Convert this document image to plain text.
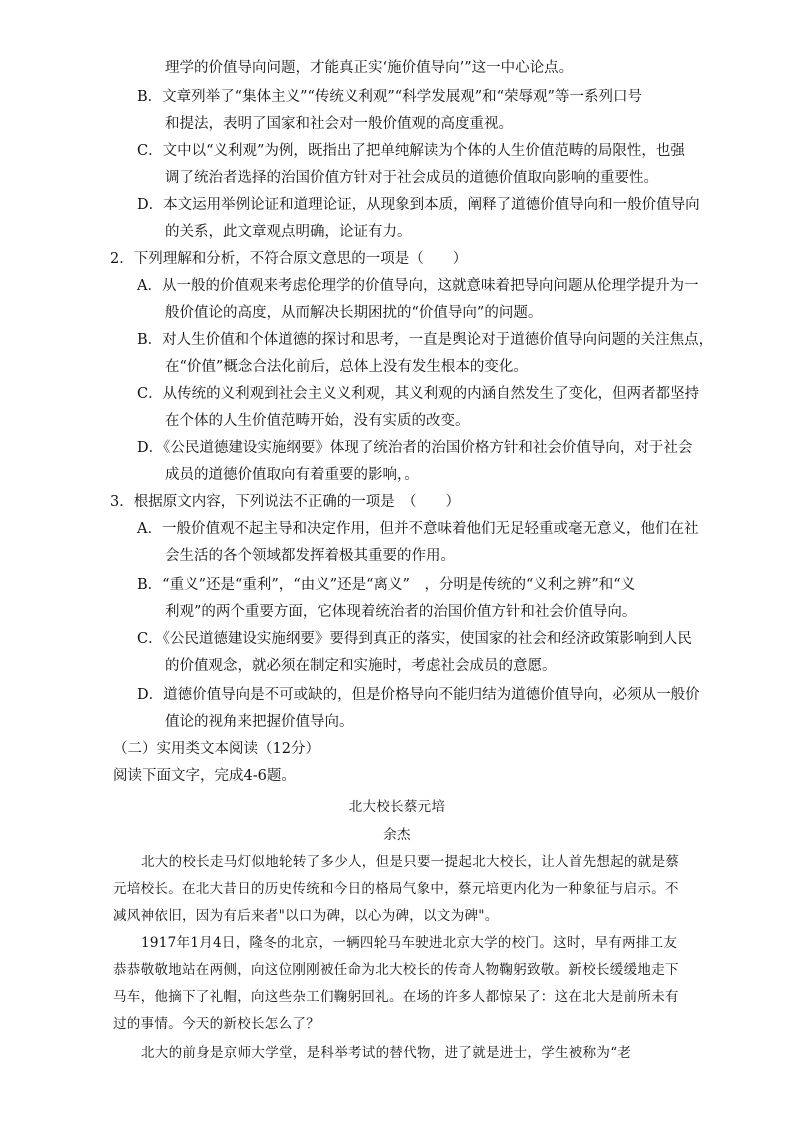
理学的价值导向问题，才能真正实‘施价值导向’”这一中心论点。
B．文章列举了“集体主义”“传统义利观”“科学发展观”和“荣辱观”等一系列口号
和提法，表明了国家和社会对一般价值观的高度重视。
C．文中以“义利观”为例，既指出了把单纯解读为个体的人生价值范畴的局限性，也强
调了统治者选择的治国价值方针对于社会成员的道德价值取向影响的重要性。
D．本文运用举例论证和道理论证，从现象到本质，阐释了道德价值导向和一般价值导向
的关系，此文章观点明确，论证有力。
2．下列理解和分析，不符合原文意思的一项是（　　）
A．从一般的价值观来考虑伦理学的价值导向，这就意味着把导向问题从伦理学提升为一
般价值论的高度，从而解决长期困扰的“价值导向”的问题。
B．对人生价值和个体道德的探讨和思考，一直是舆论对于道德价值导向问题的关注焦点，
在“价值”概念合法化前后，总体上没有发生根本的变化。
C．从传统的义利观到社会主义义利观，其义利观的内涵自然发生了变化，但两者都坚持
在个体的人生价值范畴开始，没有实质的改变。
D．《公民道德建设实施纲要》体现了统治者的治国价格方针和社会价值导向，对于社会
成员的道德价值取向有着重要的影响，。
3．根据原文内容，下列说法不正确的一项是　（　　）
A．一般价值观不起主导和决定作用，但并不意味着他们无足轻重或毫无意义，他们在社
会生活的各个领域都发挥着极其重要的作用。
B．“重义”还是“重利”，“由义”还是“离义”　，分明是传统的“义利之辨”和“义
利观”的两个重要方面，它体现着统治者的治国价值方针和社会价值导向。
C．《公民道德建设实施纲要》要得到真正的落实，使国家的社会和经济政策影响到人民
的价值观念，就必须在制定和实施时，考虑社会成员的意愿。
D．道德价值导向是不可或缺的，但是价格导向不能归结为道德价值导向，必须从一般价
值论的视角来把握价值导向。
（二）实用类文本阅读（12分）
阅读下面文字，完成4-6题。
北大校长蔡元培
余杰
北大的校长走马灯似地轮转了多少人，但是只要一提起北大校长，让人首先想起的就是蔡
元培校长。在北大昔日的历史传统和今日的格局气象中，蔡元培更内化为一种象征与启示。不
减风神依旧，因为有后来者"以口为碑，以心为碑，以文为碑"。
1917年1月4日，隆冬的北京，一辆四轮马车驶进北京大学的校门。这时，早有两排工友
恭恭敬敬地站在两侧，向这位刚刚被任命为北大校长的传奇人物鞠躬致敬。新校长缓缓地走下
马车，他摘下了礼帽，向这些杂工们鞠躬回礼。在场的许多人都惊呆了：这在北大是前所未有
过的事情。今天的新校长怎么了？
北大的前身是京师大学堂，是科举考试的替代物，进了就是进士，学生被称为“老
